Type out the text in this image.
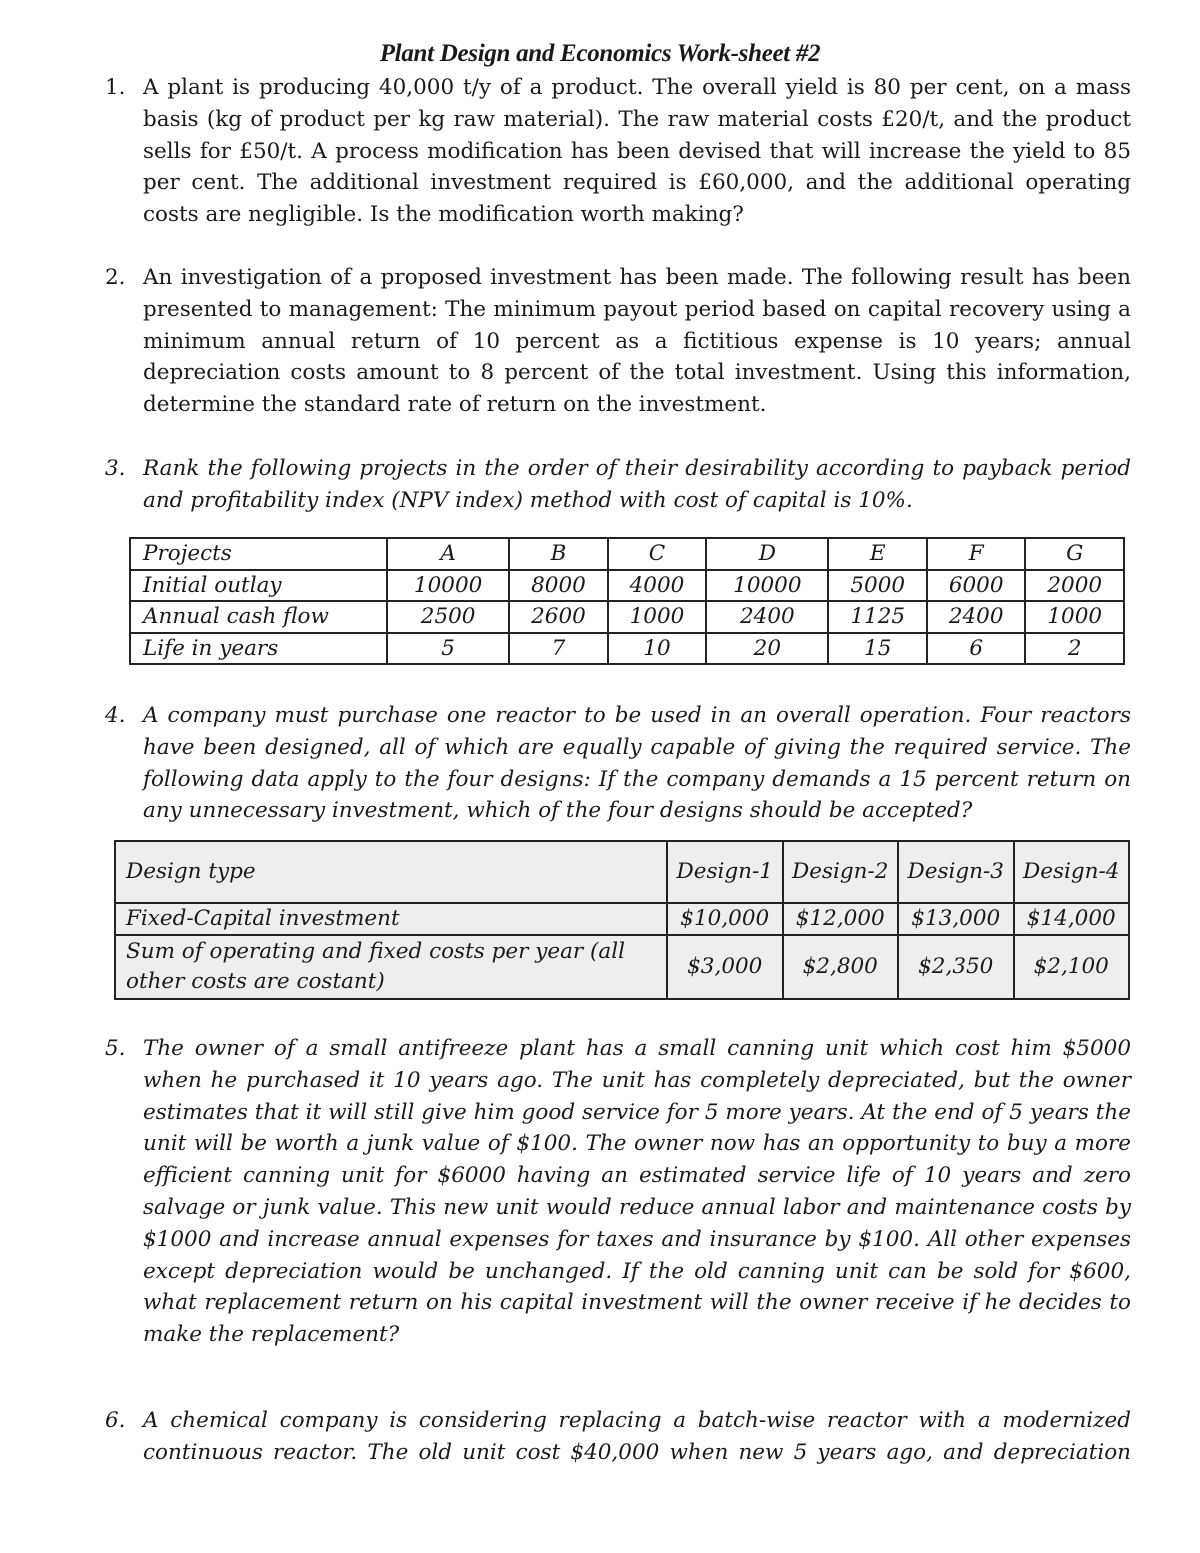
Plant Design and Economics Work-sheet #2
1. A plant is producing 40,000 t/y of a product. The overall yield is 80 per cent, on a mass basis (kg of product per kg raw material). The raw material costs £20/t, and the product sells for £50/t. A process modification has been devised that will increase the yield to 85 per cent. The additional investment required is £60,000, and the additional operating costs are negligible. Is the modification worth making?
2. An investigation of a proposed investment has been made. The following result has been presented to management: The minimum payout period based on capital recovery using a minimum annual return of 10 percent as a fictitious expense is 10 years; annual depreciation costs amount to 8 percent of the total investment. Using this information, determine the standard rate of return on the investment.
3. Rank the following projects in the order of their desirability according to payback period and profitability index (NPV index) method with cost of capital is 10%.
Projects	A	B	C	D	E	F	G
Initial outlay	10000	8000	4000	10000	5000	6000	2000
Annual cash flow	2500	2600	1000	2400	1125	2400	1000
Life in years	5	7	10	20	15	6	2
4. A company must purchase one reactor to be used in an overall operation. Four reactors have been designed, all of which are equally capable of giving the required service. The following data apply to the four designs: If the company demands a 15 percent return on any unnecessary investment, which of the four designs should be accepted?
Design type	Design-1	Design-2	Design-3	Design-4
Fixed-Capital investment	$10,000	$12,000	$13,000	$14,000
Sum of operating and fixed costs per year (all other costs are costant)	$3,000	$2,800	$2,350	$2,100
5. The owner of a small antifreeze plant has a small canning unit which cost him $5000 when he purchased it 10 years ago. The unit has completely depreciated, but the owner estimates that it will still give him good service for 5 more years. At the end of 5 years the unit will be worth a junk value of $100. The owner now has an opportunity to buy a more efficient canning unit for $6000 having an estimated service life of 10 years and zero salvage or junk value. This new unit would reduce annual labor and maintenance costs by $1000 and increase annual expenses for taxes and insurance by $100. All other expenses except depreciation would be unchanged. If the old canning unit can be sold for $600, what replacement return on his capital investment will the owner receive if he decides to make the replacement?
6. A chemical company is considering replacing a batch-wise reactor with a modernized continuous reactor. The old unit cost $40,000 when new 5 years ago, and depreciation
